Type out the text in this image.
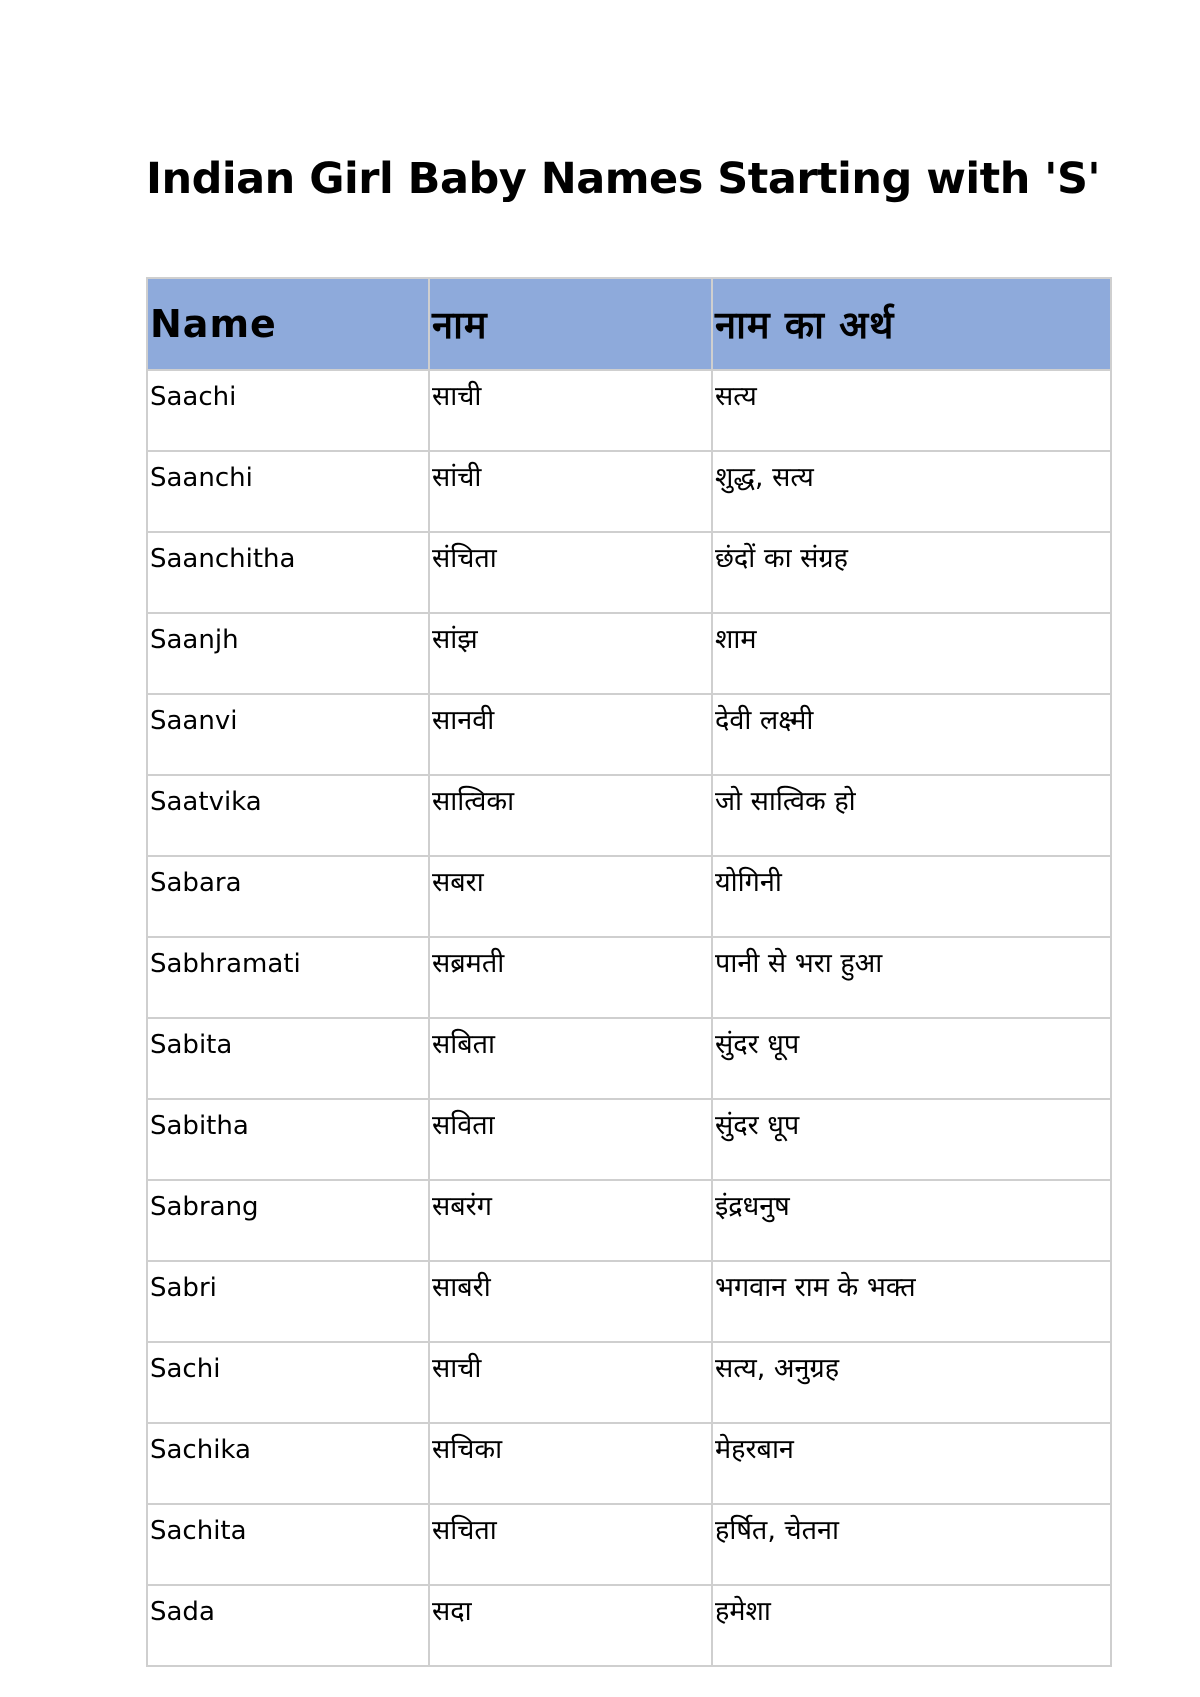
Indian Girl Baby Names Starting with 'S'
Name	नाम	नाम का अर्थ
Saachi	साची	सत्य
Saanchi	सांची	शुद्ध, सत्य
Saanchitha	संचिता	छंदों का संग्रह
Saanjh	सांझ	शाम
Saanvi	सानवी	देवी लक्ष्मी
Saatvika	सात्विका	जो सात्विक हो
Sabara	सबरा	योगिनी
Sabhramati	सब्रमती	पानी से भरा हुआ
Sabita	सबिता	सुंदर धूप
Sabitha	सविता	सुंदर धूप
Sabrang	सबरंग	इंद्रधनुष
Sabri	साबरी	भगवान राम के भक्त
Sachi	साची	सत्य, अनुग्रह
Sachika	सचिका	मेहरबान
Sachita	सचिता	हर्षित, चेतना
Sada	सदा	हमेशा
